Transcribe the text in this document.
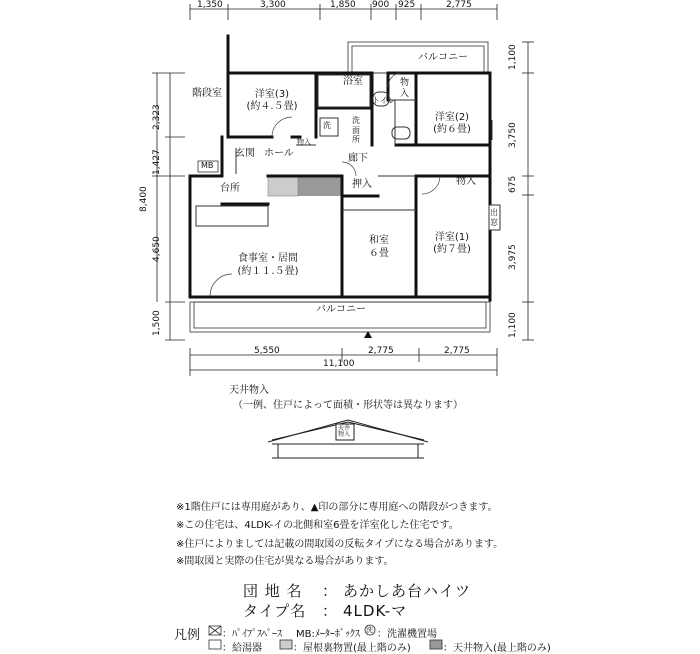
1,350	3,300	1,850 900 925	2,775
5,550	2,775	2,775
11,100
2,323
1,427
4,650
1,500
8,400
1,100
3,750
675
3,975
1,100
バルコニー
階段室	洋室(3)
(約４.５畳)
浴室
トイレ
物入
洋室(2)
(約６畳)
洗
洗面所
物入
玄関 ホール
MB
廊下
台所	押入	物入
出窓
和室
６畳
洋室(1)
(約７畳)
食事室・居間
(約１１.５畳)
バルコニー
天井物入
天井物入
（一例、住戸によって面積・形状等は異なります）
※1階住戸には専用庭があり、▲印の部分に専用庭への階段がつきます。
※この住宅は、4LDK-イの北側和室6畳を洋室化した住宅です。
※住戸によりましては記載の間取図の反転タイプになる場合があります。
※間取図と実際の住宅が異なる場合があります。
団 地 名 ： あかしあ台ハイツ
タイプ名 ： 4LDK-マ
凡例 ：ﾊﾟｲﾌﾟｽﾍﾟｰｽ MB:ﾒｰﾀｰﾎﾞｯｸｽ 洗 ：洗濯機置場
：給湯器	：屋根裏物置(最上階のみ)	：天井物入(最上階のみ)
